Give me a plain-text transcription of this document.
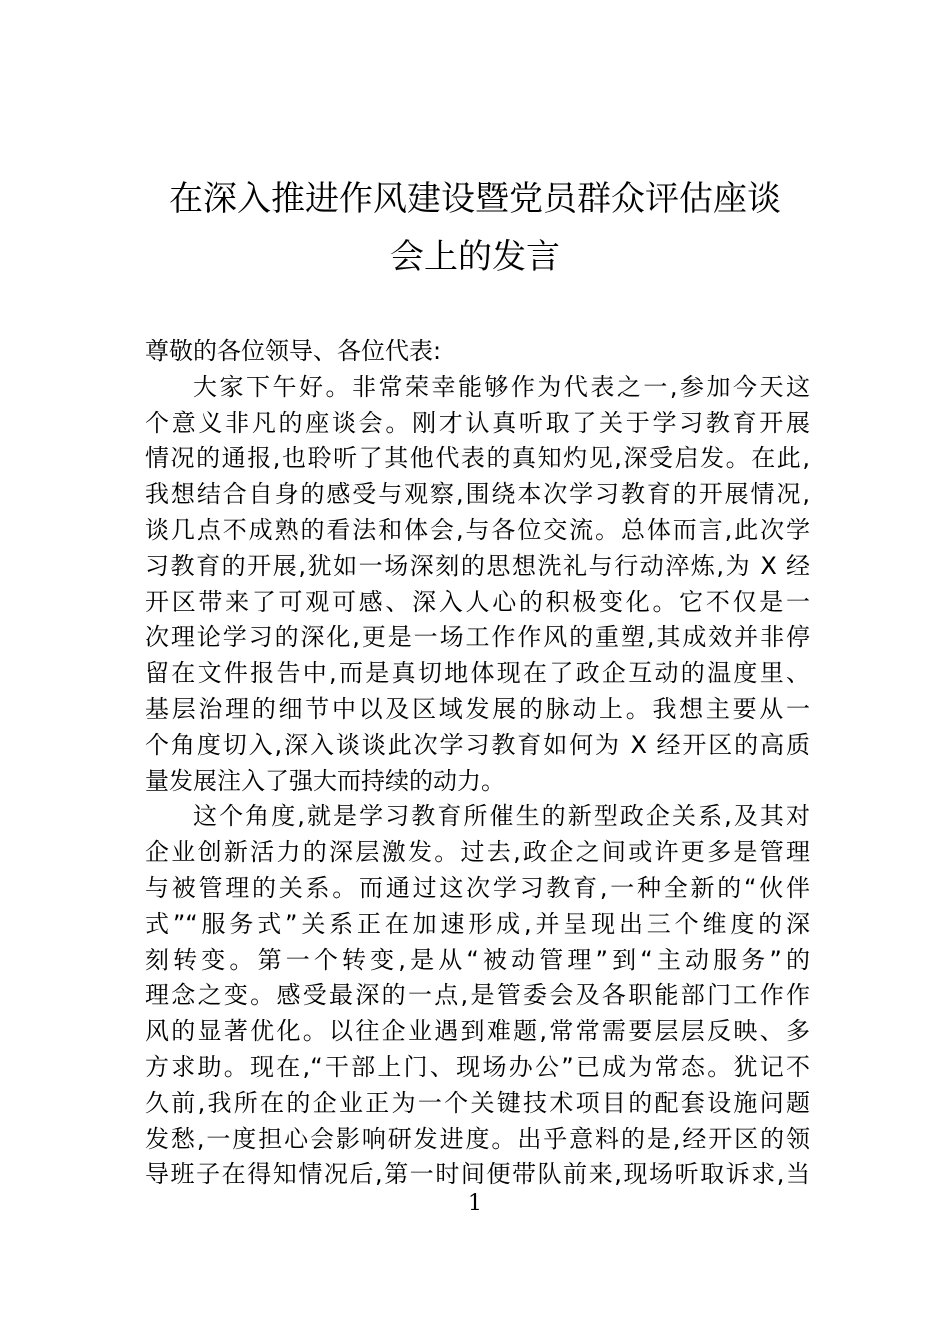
在深入推进作风建设暨党员群众评估座谈
会上的发言
尊敬的各位领导、各位代表:
大家下午好。非常荣幸能够作为代表之一,参加今天这
个意义非凡的座谈会。刚才认真听取了关于学习教育开展
情况的通报,也聆听了其他代表的真知灼见,深受启发。在此,
我想结合自身的感受与观察,围绕本次学习教育的开展情况,
谈几点不成熟的看法和体会,与各位交流。总体而言,此次学
习教育的开展,犹如一场深刻的思想洗礼与行动淬炼,为 X 经
开区带来了可观可感、深入人心的积极变化。它不仅是一
次理论学习的深化,更是一场工作作风的重塑,其成效并非停
留在文件报告中,而是真切地体现在了政企互动的温度里、
基层治理的细节中以及区域发展的脉动上。我想主要从一
个角度切入,深入谈谈此次学习教育如何为 X 经开区的高质
量发展注入了强大而持续的动力。
这个角度,就是学习教育所催生的新型政企关系,及其对
企业创新活力的深层激发。过去,政企之间或许更多是管理
与被管理的关系。而通过这次学习教育,一种全新的“伙伴
式”“服务式”关系正在加速形成,并呈现出三个维度的深
刻转变。第一个转变,是从“被动管理”到“主动服务”的
理念之变。感受最深的一点,是管委会及各职能部门工作作
风的显著优化。以往企业遇到难题,常常需要层层反映、多
方求助。现在,“干部上门、现场办公”已成为常态。犹记不
久前,我所在的企业正为一个关键技术项目的配套设施问题
发愁,一度担心会影响研发进度。出乎意料的是,经开区的领
导班子在得知情况后,第一时间便带队前来,现场听取诉求,当
1
